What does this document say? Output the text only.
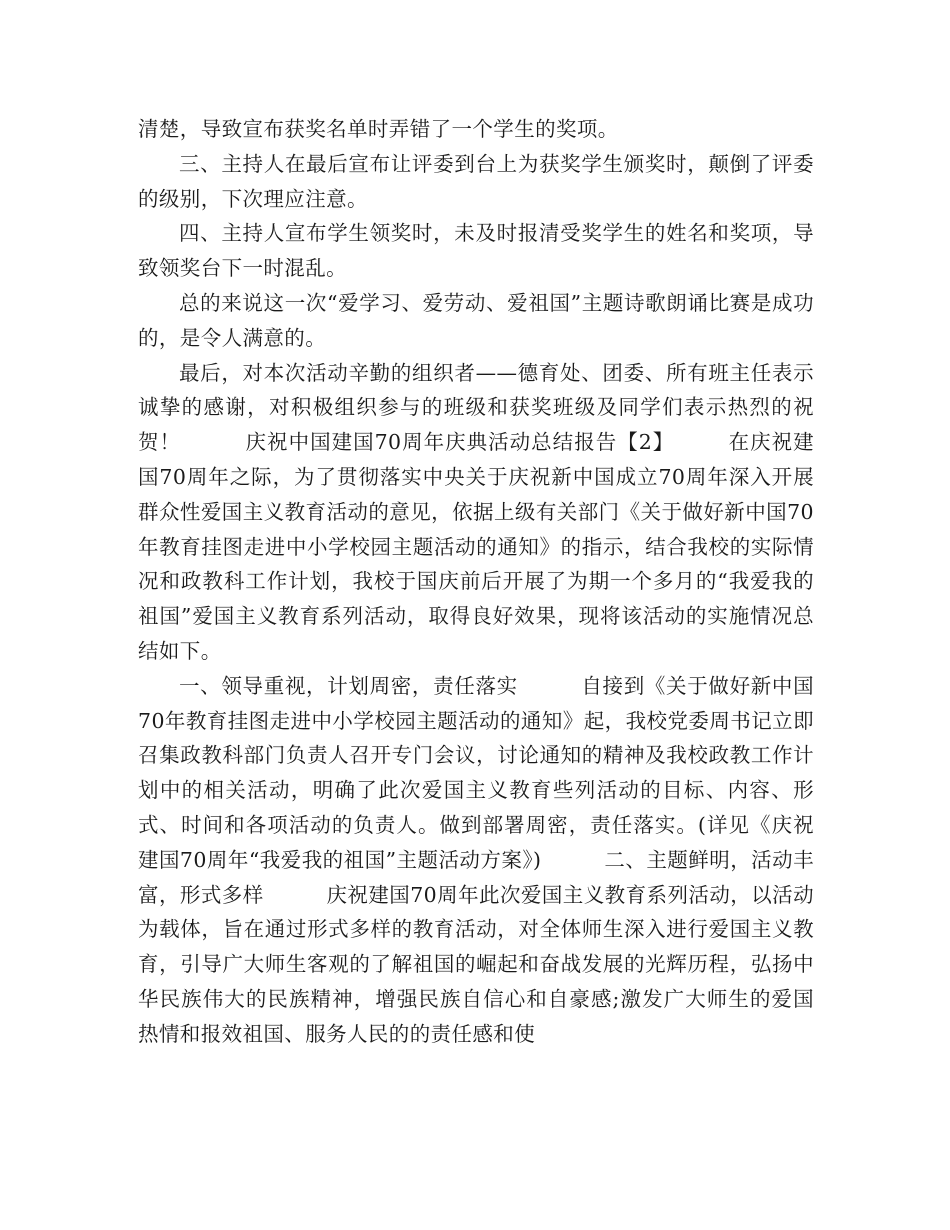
清楚，导致宣布获奖名单时弄错了一个学生的奖项。

三、主持人在最后宣布让评委到台上为获奖学生颁奖时，颠倒了评委的级别，下次理应注意。

四、主持人宣布学生领奖时，未及时报清受奖学生的姓名和奖项，导致领奖台下一时混乱。

总的来说这一次“爱学习、爱劳动、爱祖国”主题诗歌朗诵比赛是成功的，是令人满意的。

最后，对本次活动辛勤的组织者——德育处、团委、所有班主任表示诚挚的感谢，对积极组织参与的班级和获奖班级及同学们表示热烈的祝贺！　　　庆祝中国建国70周年庆典活动总结报告【2】　　　在庆祝建国70周年之际，为了贯彻落实中央关于庆祝新中国成立70周年深入开展群众性爱国主义教育活动的意见，依据上级有关部门《关于做好新中国70年教育挂图走进中小学校园主题活动的通知》的指示，结合我校的实际情况和政教科工作计划，我校于国庆前后开展了为期一个多月的“我爱我的祖国”爱国主义教育系列活动，取得良好效果，现将该活动的实施情况总结如下。

一、领导重视，计划周密，责任落实　　　自接到《关于做好新中国70年教育挂图走进中小学校园主题活动的通知》起，我校党委周书记立即召集政教科部门负责人召开专门会议，讨论通知的精神及我校政教工作计划中的相关活动，明确了此次爱国主义教育些列活动的目标、内容、形式、时间和各项活动的负责人。做到部署周密，责任落实。(详见《庆祝建国70周年“我爱我的祖国”主题活动方案》)　　　二、主题鲜明，活动丰富，形式多样　　　庆祝建国70周年此次爱国主义教育系列活动，以活动为载体，旨在通过形式多样的教育活动，对全体师生深入进行爱国主义教育，引导广大师生客观的了解祖国的崛起和奋战发展的光辉历程，弘扬中华民族伟大的民族精神，增强民族自信心和自豪感;激发广大师生的爱国热情和报效祖国、服务人民的的责任感和使
